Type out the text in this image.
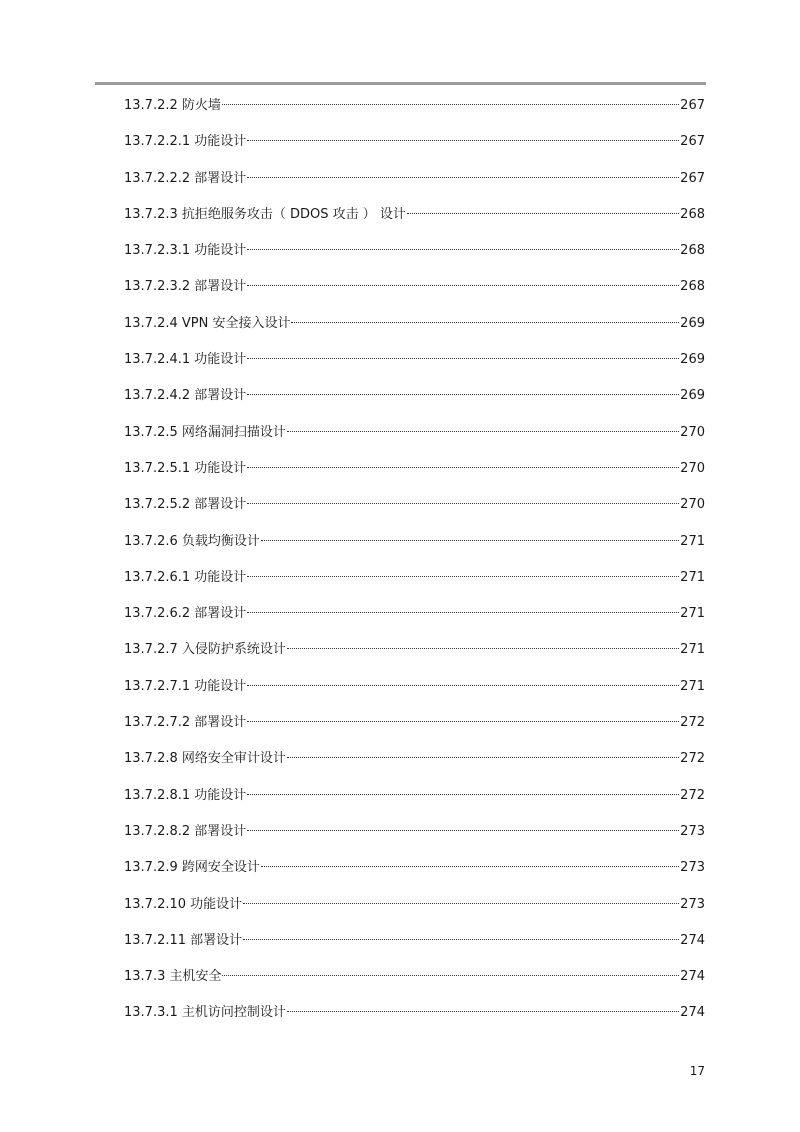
13.7.2.2 防火墙	267
13.7.2.2.1 功能设计	267
13.7.2.2.2 部署设计	267
13.7.2.3 抗拒绝服务攻击（ DDOS 攻击 ） 设计	268
13.7.2.3.1 功能设计	268
13.7.2.3.2 部署设计	268
13.7.2.4 VPN 安全接入设计	269
13.7.2.4.1 功能设计	269
13.7.2.4.2 部署设计	269
13.7.2.5 网络漏洞扫描设计	270
13.7.2.5.1 功能设计	270
13.7.2.5.2 部署设计	270
13.7.2.6 负载均衡设计	271
13.7.2.6.1 功能设计	271
13.7.2.6.2 部署设计	271
13.7.2.7 入侵防护系统设计	271
13.7.2.7.1 功能设计	271
13.7.2.7.2 部署设计	272
13.7.2.8 网络安全审计设计	272
13.7.2.8.1 功能设计	272
13.7.2.8.2 部署设计	273
13.7.2.9 跨网安全设计	273
13.7.2.10 功能设计	273
13.7.2.11 部署设计	274
13.7.3 主机安全	274
13.7.3.1 主机访问控制设计	274
17
